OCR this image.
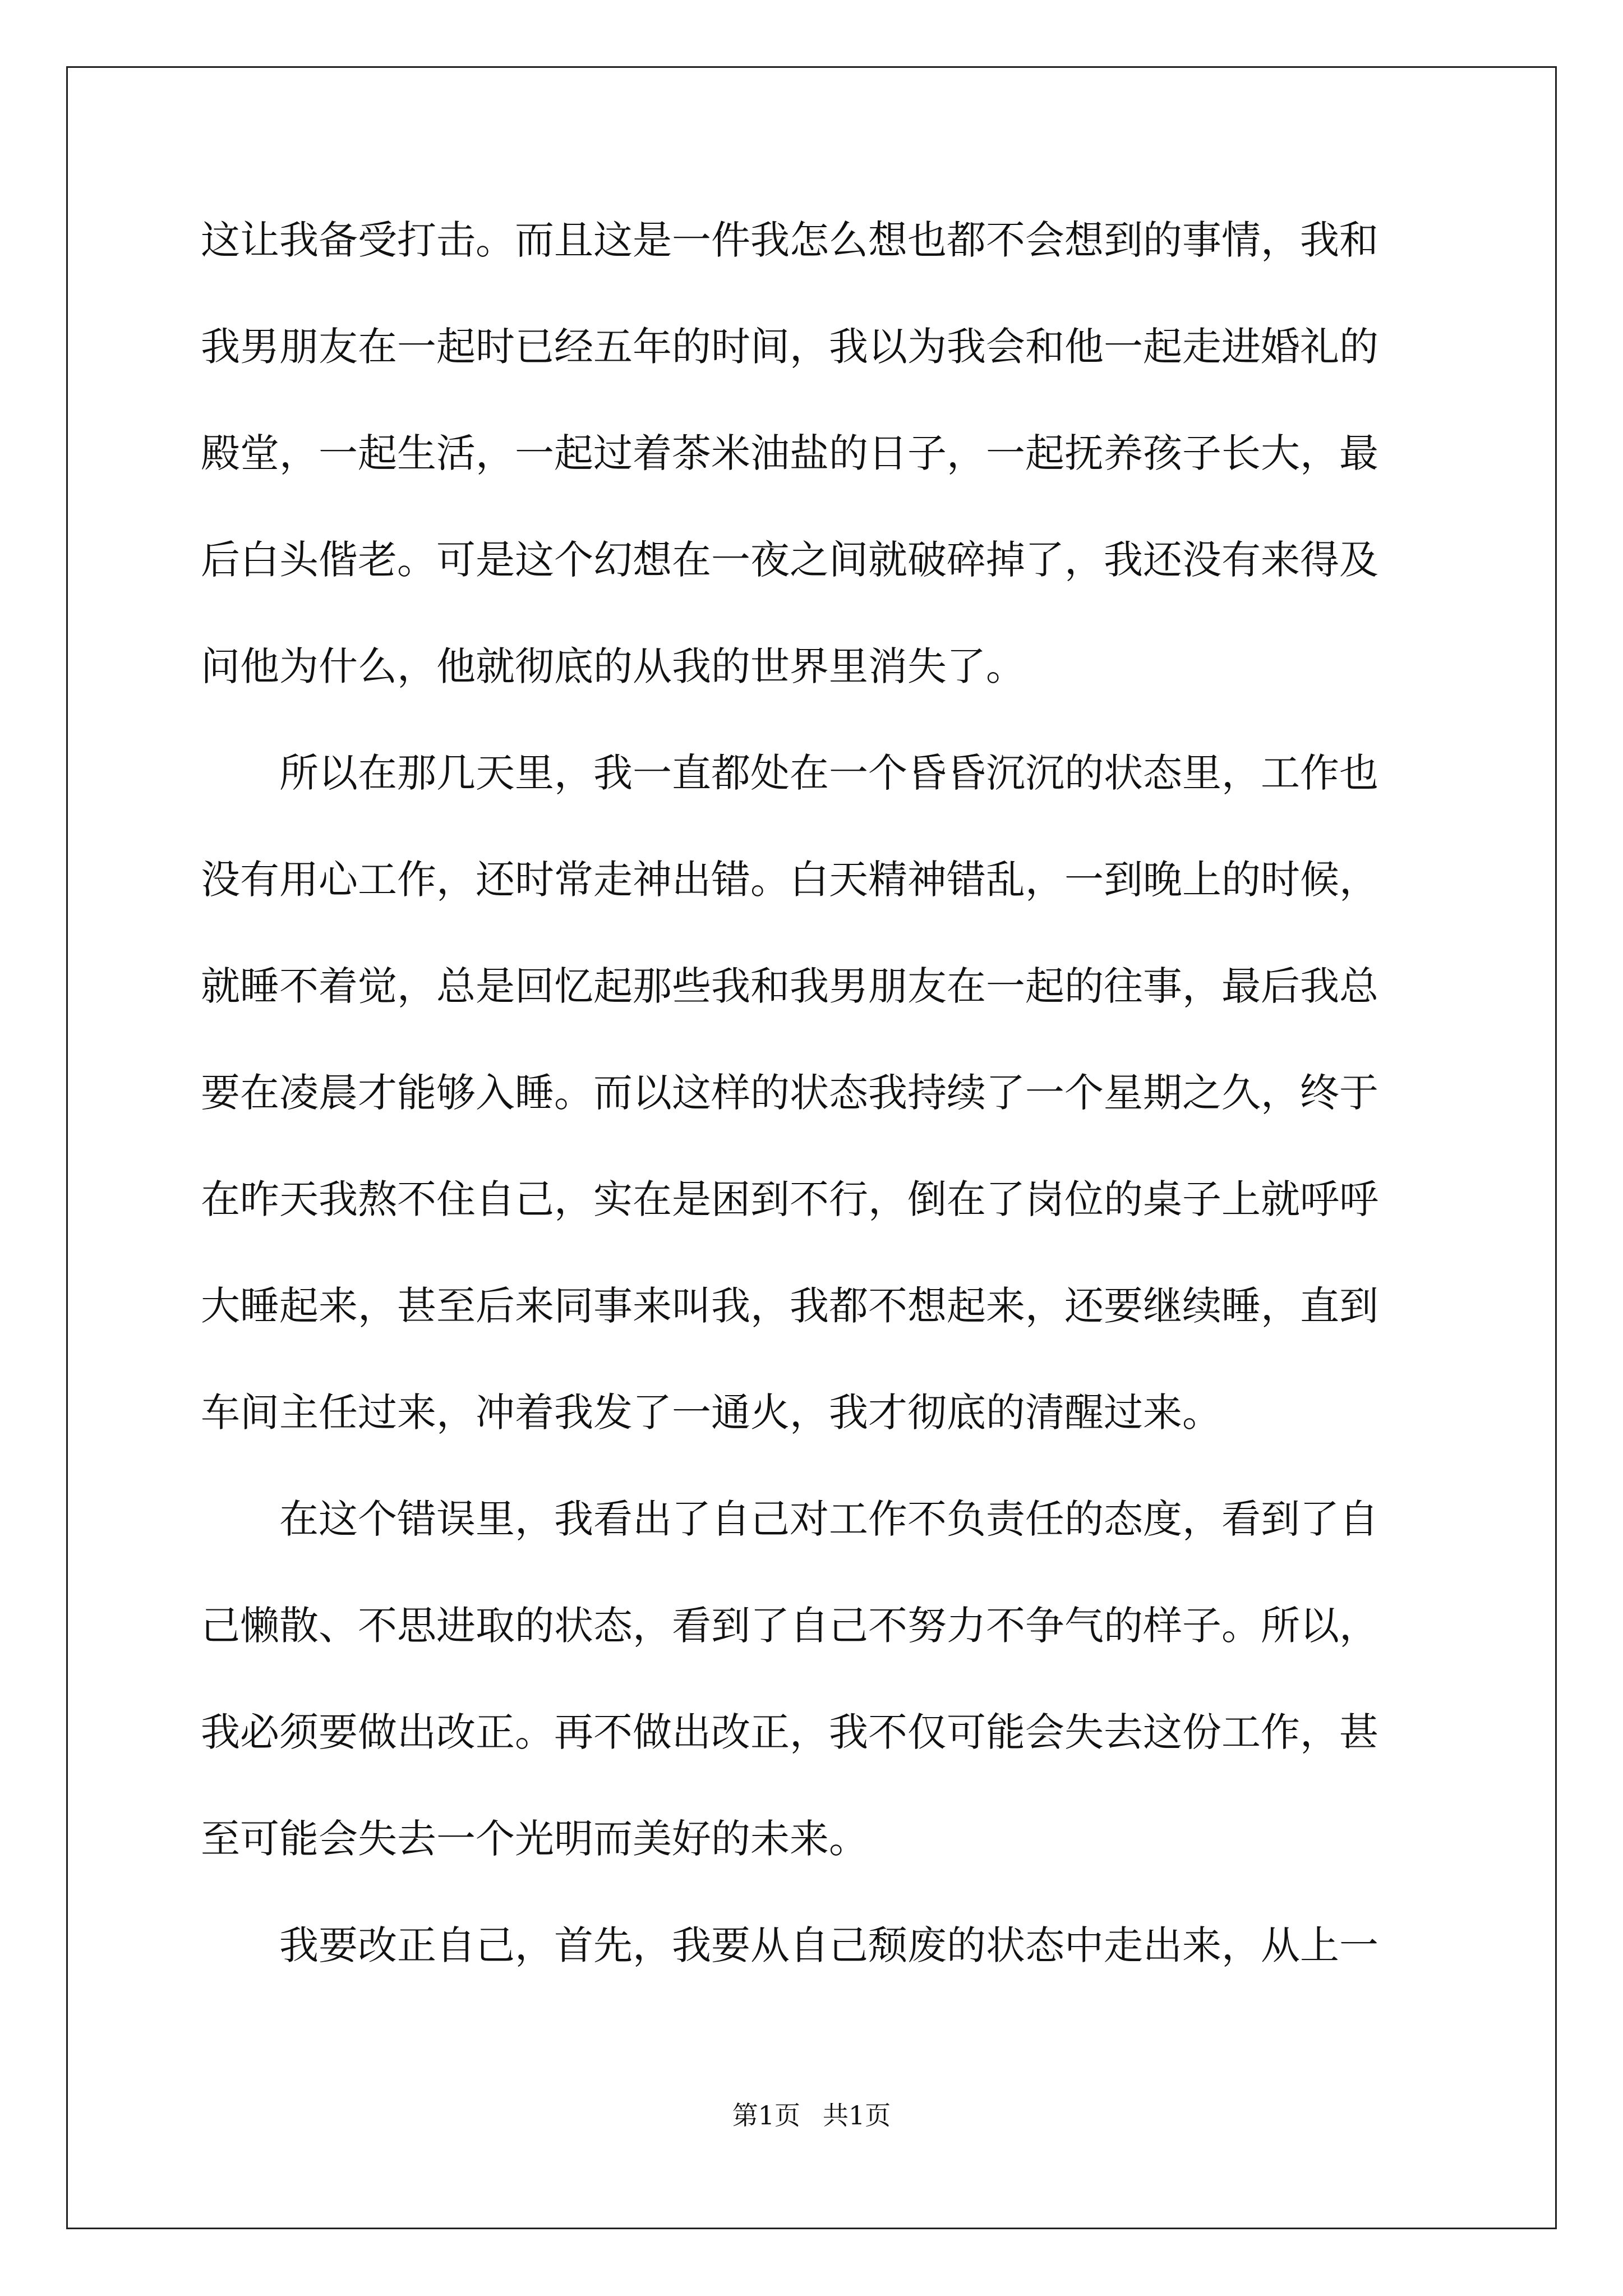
这让我备受打击。而且这是一件我怎么想也都不会想到的事情，我和
我男朋友在一起时已经五年的时间，我以为我会和他一起走进婚礼的
殿堂，一起生活，一起过着茶米油盐的日子，一起抚养孩子长大，最
后白头偕老。可是这个幻想在一夜之间就破碎掉了，我还没有来得及
问他为什么，他就彻底的从我的世界里消失了。
所以在那几天里，我一直都处在一个昏昏沉沉的状态里，工作也
没有用心工作，还时常走神出错。白天精神错乱，一到晚上的时候，
就睡不着觉，总是回忆起那些我和我男朋友在一起的往事，最后我总
要在凌晨才能够入睡。而以这样的状态我持续了一个星期之久，终于
在昨天我熬不住自己，实在是困到不行，倒在了岗位的桌子上就呼呼
大睡起来，甚至后来同事来叫我，我都不想起来，还要继续睡，直到
车间主任过来，冲着我发了一通火，我才彻底的清醒过来。
在这个错误里，我看出了自己对工作不负责任的态度，看到了自
己懒散、不思进取的状态，看到了自己不努力不争气的样子。所以，
我必须要做出改正。再不做出改正，我不仅可能会失去这份工作，甚
至可能会失去一个光明而美好的未来。
我要改正自己，首先，我要从自己颓废的状态中走出来，从上一
第1页 共1页
